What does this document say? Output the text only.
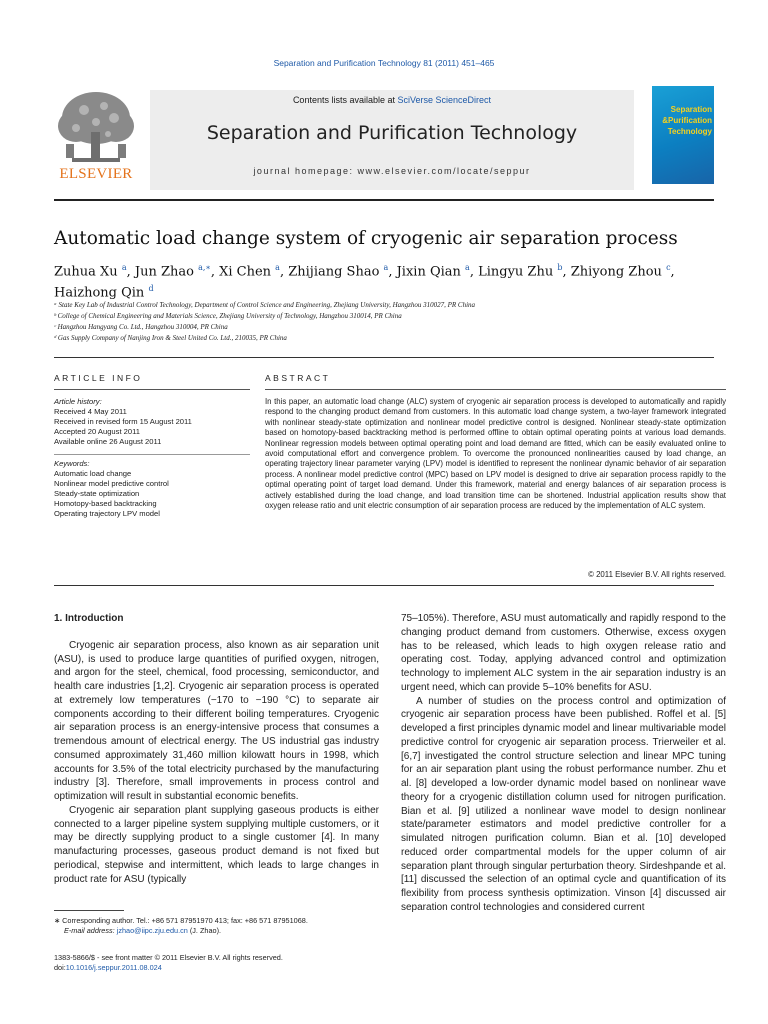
Separation and Purification Technology 81 (2011) 451–465
Contents lists available at SciVerse ScienceDirect
Separation and Purification Technology
journal homepage: www.elsevier.com/locate/seppur
ELSEVIER
Separation
&Purification
Technology
Automatic load change system of cryogenic air separation process
Zuhua Xu $^a$, Jun Zhao $^{a,∗}$, Xi Chen $^a$, Zhijiang Shao $^a$, Jixin Qian $^a$, Lingyu Zhu $^b$, Zhiyong Zhou $^c$,
Haizhong Qin $^d$
ᵃ State Key Lab of Industrial Control Technology, Department of Control Science and Engineering, Zhejiang University, Hangzhou 310027, PR China
ᵇ College of Chemical Engineering and Materials Science, Zhejiang University of Technology, Hangzhou 310014, PR China
ᶜ Hangzhou Hangyang Co. Ltd., Hangzhou 310004, PR China
ᵈ Gas Supply Company of Nanjing Iron & Steel United Co. Ltd., 210035, PR China
ARTICLE INFO	ABSTRACT
Article history:
Received 4 May 2011
Received in revised form 15 August 2011
Accepted 20 August 2011
Available online 26 August 2011
Keywords:
Automatic load change
Nonlinear model predictive control
Steady-state optimization
Homotopy-based backtracking
Operating trajectory LPV model
In this paper, an automatic load change (ALC) system of cryogenic air separation process is developed to automatically and rapidly respond to the changing product demand from customers. In this automatic load change system, a two-layer framework integrated with nonlinear steady-state optimization and nonlinear model predictive control is designed. Nonlinear steady-state optimization based on homotopy-based backtracking method is performed offline to obtain optimal operating points at various load demands. Nonlinear regression models between optimal operating point and load demand are fitted, which can be easily evaluated online to avoid computational effort and convergence problem. To overcome the pronounced nonlinearities caused by load change, an operating trajectory linear parameter varying (LPV) model is identified to represent the nonlinear dynamic behavior of air separation process. A nonlinear model predictive control (MPC) based on LPV model is designed to drive air separation process rapidly to the optimal operating point of target load demand. Under this framework, material and energy balances of air separation process is actively established during the load change, and load transition time can be shortened. Industrial application results show that oxygen release ratio and unit electric consumption of air separation process are reduced by the implementation of ALC system.
© 2011 Elsevier B.V. All rights reserved.

1. Introduction

Cryogenic air separation process, also known as air separation unit (ASU), is used to produce large quantities of purified oxygen, nitrogen, and argon for the steel, chemical, food processing, semiconductor, and health care industries [1,2]. Cryogenic air separation process is operated at extremely low temperatures (−170 to −190 °C) to separate air components according to their different boiling temperatures. Cryogenic air separation process is an energy-intensive process that consumes a tremendous amount of electrical energy. The US industrial gas industry consumed approximately 31,460 million kilowatt hours in 1998, which accounts for 3.5% of the total electricity purchased by the manufacturing industry [3]. Therefore, small improvements in process control and optimization will result in substantial economic benefits.

Cryogenic air separation plant supplying gaseous products is either connected to a larger pipeline system supplying multiple customers, or it may be directly supplying product to a single customer [4]. In many manufacturing processes, gaseous product demand is not fixed but periodical, stepwise and intermittent, which leads to large changes in product rate for ASU (typically

75–105%). Therefore, ASU must automatically and rapidly respond to the changing product demand from customers. Otherwise, excess oxygen has to be released, which leads to high oxygen release ratio and operating cost. Today, applying advanced control and optimization technology to implement ALC system in the air separation industry is an urgent need, which can provide 5–10% benefits for ASU.

A number of studies on the process control and optimization of cryogenic air separation process have been published. Roffel et al. [5] developed a first principles dynamic model and linear multivariable model predictive control for cryogenic air separation process. Trierweiler et al. [6,7] investigated the control structure selection and linear MPC tuning for an air separation plant using the robust performance number. Zhu et al. [8] developed a low-order dynamic model based on nonlinear wave theory for a cryogenic distillation column used for nitrogen purification. Bian et al. [9] utilized a nonlinear wave model to design nonlinear state/parameter estimators and model predictive controller for a simulated nitrogen purification column. Bian et al. [10] developed reduced order compartmental models for the upper column of air separation plant through singular perturbation theory. Sirdeshpande et al. [11] discussed the selection of an optimal cycle and quantification of its flexibility from process synthesis optimization. Vinson [4] discussed air separation control technologies and considered current

∗ Corresponding author. Tel.: +86 571 87951970 413; fax: +86 571 87951068.
E-mail address: jzhao@iipc.zju.edu.cn (J. Zhao).
1383-5866/$ - see front matter © 2011 Elsevier B.V. All rights reserved.
doi:10.1016/j.seppur.2011.08.024
